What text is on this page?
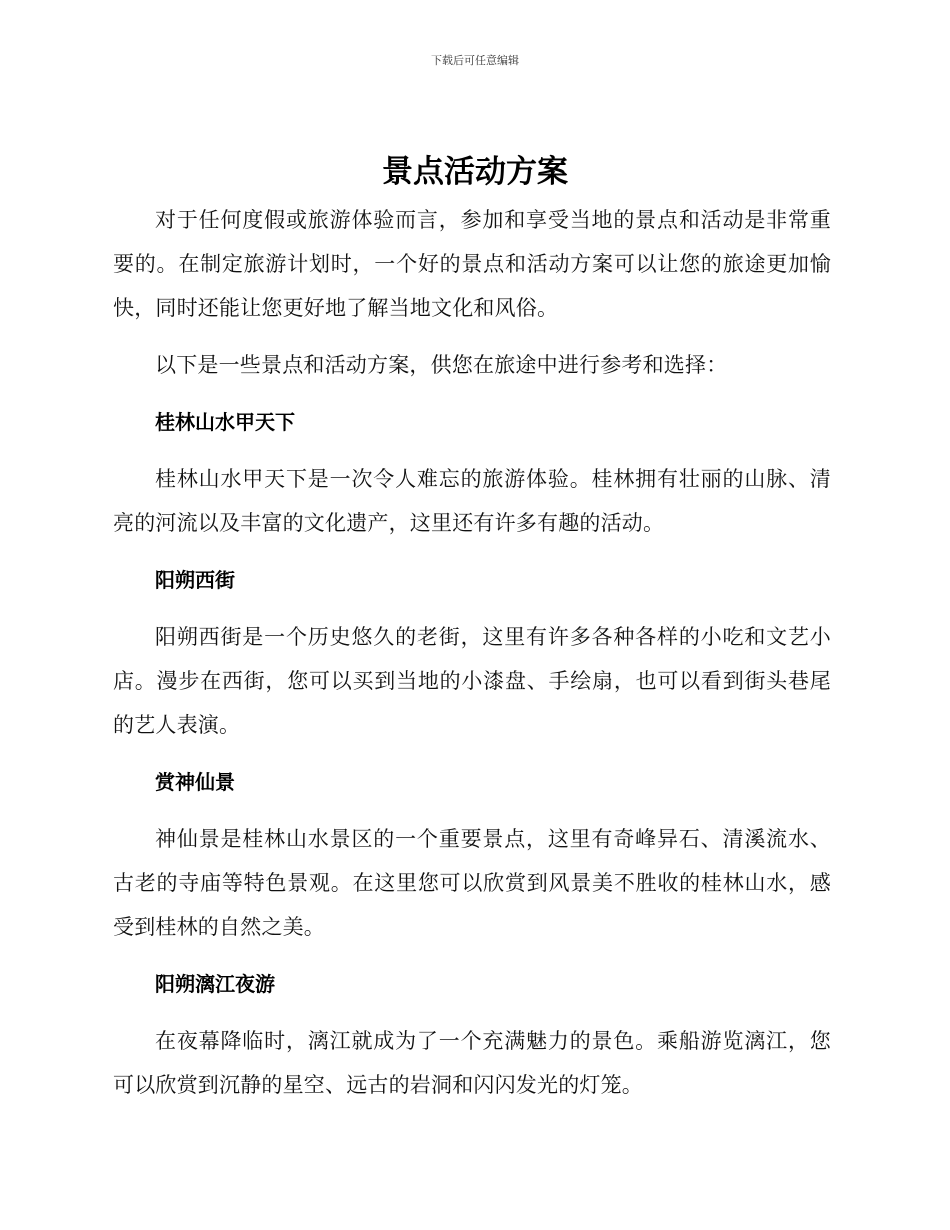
下载后可任意编辑
景点活动方案

对于任何度假或旅游体验而言，参加和享受当地的景点和活动是非常重要的。在制定旅游计划时，一个好的景点和活动方案可以让您的旅途更加愉快，同时还能让您更好地了解当地文化和风俗。

以下是一些景点和活动方案，供您在旅途中进行参考和选择：

桂林山水甲天下

桂林山水甲天下是一次令人难忘的旅游体验。桂林拥有壮丽的山脉、清亮的河流以及丰富的文化遗产，这里还有许多有趣的活动。

阳朔西街

阳朔西街是一个历史悠久的老街，这里有许多各种各样的小吃和文艺小店。漫步在西街，您可以买到当地的小漆盘、手绘扇，也可以看到街头巷尾的艺人表演。

赏神仙景

神仙景是桂林山水景区的一个重要景点，这里有奇峰异石、清溪流水、古老的寺庙等特色景观。在这里您可以欣赏到风景美不胜收的桂林山水，感受到桂林的自然之美。

阳朔漓江夜游

在夜幕降临时，漓江就成为了一个充满魅力的景色。乘船游览漓江，您可以欣赏到沉静的星空、远古的岩洞和闪闪发光的灯笼。
